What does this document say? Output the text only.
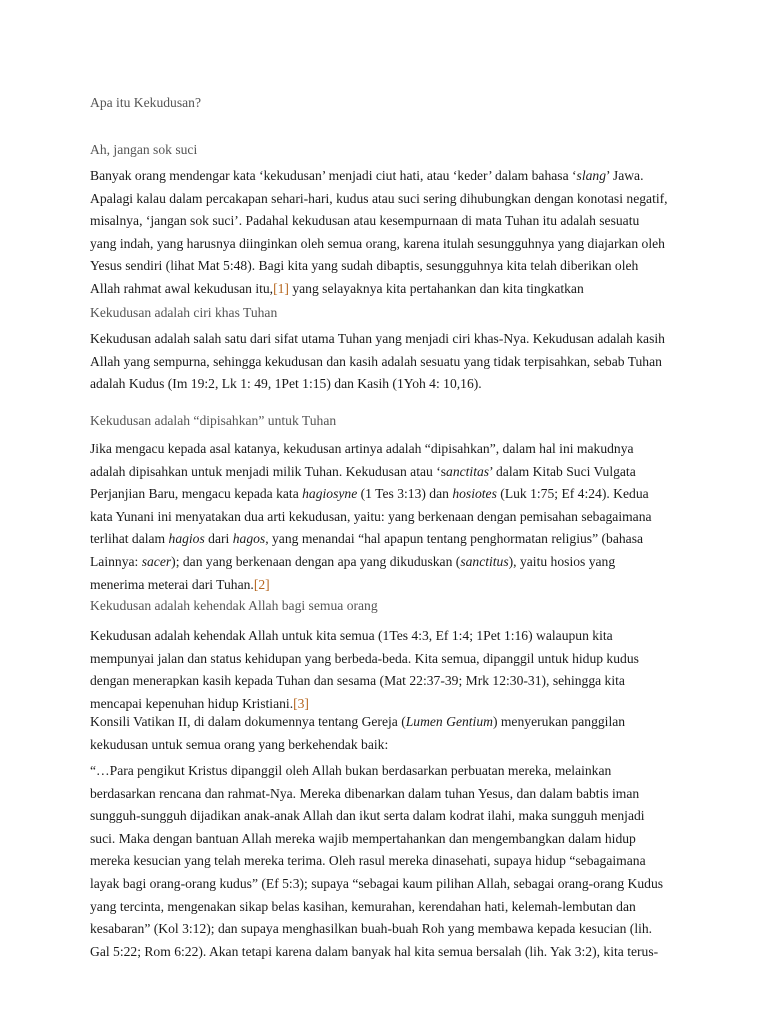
Apa itu Kekudusan?
Ah, jangan sok suci
Banyak orang mendengar kata ‘kekudusan’ menjadi ciut hati, atau ‘keder’ dalam bahasa ‘slang’ Jawa.
Apalagi kalau dalam percakapan sehari-hari, kudus atau suci sering dihubungkan dengan konotasi negatif,
misalnya, ‘jangan sok suci’. Padahal kekudusan atau kesempurnaan di mata Tuhan itu adalah sesuatu
yang indah, yang harusnya diinginkan oleh semua orang, karena itulah sesungguhnya yang diajarkan oleh
Yesus sendiri (lihat Mat 5:48). Bagi kita yang sudah dibaptis, sesungguhnya kita telah diberikan oleh
Allah rahmat awal kekudusan itu,[1] yang selayaknya kita pertahankan dan kita tingkatkan
Kekudusan adalah ciri khas Tuhan
Kekudusan adalah salah satu dari sifat utama Tuhan yang menjadi ciri khas-Nya. Kekudusan adalah kasih
Allah yang sempurna, sehingga kekudusan dan kasih adalah sesuatu yang tidak terpisahkan, sebab Tuhan
adalah Kudus (Im 19:2, Lk 1: 49, 1Pet 1:15) dan Kasih (1Yoh 4: 10,16).
Kekudusan adalah “dipisahkan” untuk Tuhan
Jika mengacu kepada asal katanya, kekudusan artinya adalah “dipisahkan”, dalam hal ini makudnya
adalah dipisahkan untuk menjadi milik Tuhan. Kekudusan atau ‘sanctitas’ dalam Kitab Suci Vulgata
Perjanjian Baru, mengacu kepada kata hagiosyne (1 Tes 3:13) dan hosiotes (Luk 1:75; Ef 4:24). Kedua
kata Yunani ini menyatakan dua arti kekudusan, yaitu: yang berkenaan dengan pemisahan sebagaimana
terlihat dalam hagios dari hagos, yang menandai “hal apapun tentang penghormatan religius” (bahasa
Lainnya: sacer); dan yang berkenaan dengan apa yang dikuduskan (sanctitus), yaitu hosios yang
menerima meterai dari Tuhan.[2]
Kekudusan adalah kehendak Allah bagi semua orang
Kekudusan adalah kehendak Allah untuk kita semua (1Tes 4:3, Ef 1:4; 1Pet 1:16) walaupun kita
mempunyai jalan dan status kehidupan yang berbeda-beda. Kita semua, dipanggil untuk hidup kudus
dengan menerapkan kasih kepada Tuhan dan sesama (Mat 22:37-39; Mrk 12:30-31), sehingga kita
mencapai kepenuhan hidup Kristiani.[3]
Konsili Vatikan II, di dalam dokumennya tentang Gereja (Lumen Gentium) menyerukan panggilan
kekudusan untuk semua orang yang berkehendak baik:
“…Para pengikut Kristus dipanggil oleh Allah bukan berdasarkan perbuatan mereka, melainkan
berdasarkan rencana dan rahmat-Nya. Mereka dibenarkan dalam tuhan Yesus, dan dalam babtis iman
sungguh-sungguh dijadikan anak-anak Allah dan ikut serta dalam kodrat ilahi, maka sungguh menjadi
suci. Maka dengan bantuan Allah mereka wajib mempertahankan dan mengembangkan dalam hidup
mereka kesucian yang telah mereka terima. Oleh rasul mereka dinasehati, supaya hidup “sebagaimana
layak bagi orang-orang kudus” (Ef 5:3); supaya “sebagai kaum pilihan Allah, sebagai orang-orang Kudus
yang tercinta, mengenakan sikap belas kasihan, kemurahan, kerendahan hati, kelemah-lembutan dan
kesabaran” (Kol 3:12); dan supaya menghasilkan buah-buah Roh yang membawa kepada kesucian (lih.
Gal 5:22; Rom 6:22). Akan tetapi karena dalam banyak hal kita semua bersalah (lih. Yak 3:2), kita terus-
